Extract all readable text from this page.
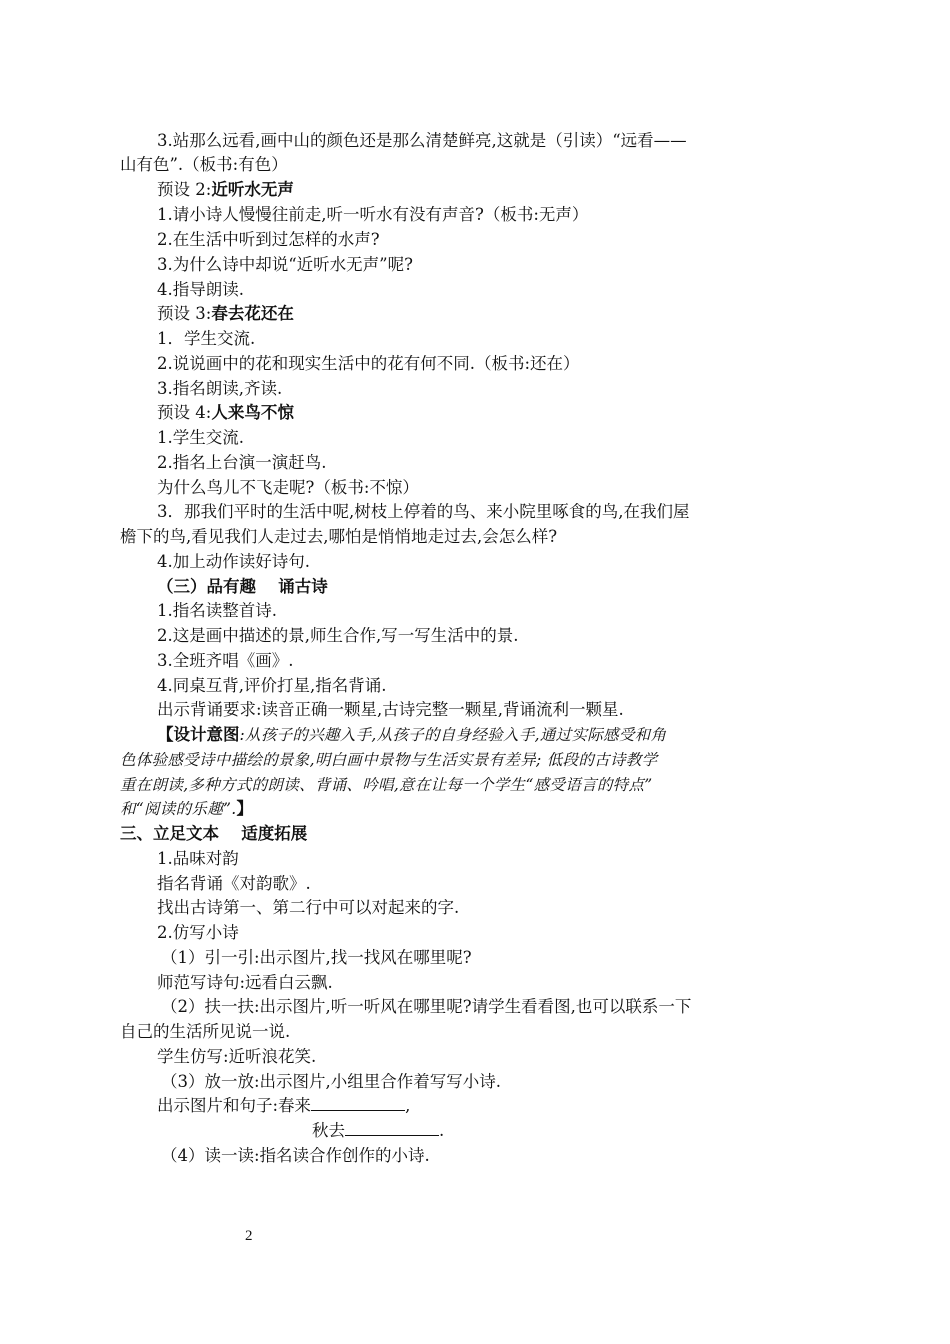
3.站那么远看,画中山的颜色还是那么清楚鲜亮,这就是（引读）“远看——
山有色”.（板书:有色）
预设 2:近听水无声
1.请小诗人慢慢往前走,听一听水有没有声音?（板书:无声）
2.在生活中听到过怎样的水声?
3.为什么诗中却说“近听水无声”呢?
4.指导朗读.
预设 3:春去花还在
1．学生交流.
2.说说画中的花和现实生活中的花有何不同.（板书:还在）
3.指名朗读,齐读.
预设 4:人来鸟不惊
1.学生交流.
2.指名上台演一演赶鸟.
为什么鸟儿不飞走呢?（板书:不惊）
3．那我们平时的生活中呢,树枝上停着的鸟、来小院里啄食的鸟,在我们屋
檐下的鸟,看见我们人走过去,哪怕是悄悄地走过去,会怎么样?
4.加上动作读好诗句.
（三）品有趣　 诵古诗
1.指名读整首诗.
2.这是画中描述的景,师生合作,写一写生活中的景.
3.全班齐唱《画》.
4.同桌互背,评价打星,指名背诵.
出示背诵要求:读音正确一颗星,古诗完整一颗星,背诵流利一颗星.
【设计意图:从孩子的兴趣入手,从孩子的自身经验入手,通过实际感受和角
色体验感受诗中描绘的景象,明白画中景物与生活实景有差异; 低段的古诗教学
重在朗读,多种方式的朗读、背诵、吟唱,意在让每一个学生“感受语言的特点”
和“阅读的乐趣”.】
三、立足文本　 适度拓展
1.品味对韵
指名背诵《对韵歌》.
找出古诗第一、第二行中可以对起来的字.
2.仿写小诗
（1）引一引:出示图片,找一找风在哪里呢?
师范写诗句:远看白云飘.
（2）扶一扶:出示图片,听一听风在哪里呢?请学生看看图,也可以联系一下
自己的生活所见说一说.
学生仿写:近听浪花笑.
（3）放一放:出示图片,小组里合作着写写小诗.
出示图片和句子:春来	,
秋去	.
（4）读一读:指名读合作创作的小诗.
2
